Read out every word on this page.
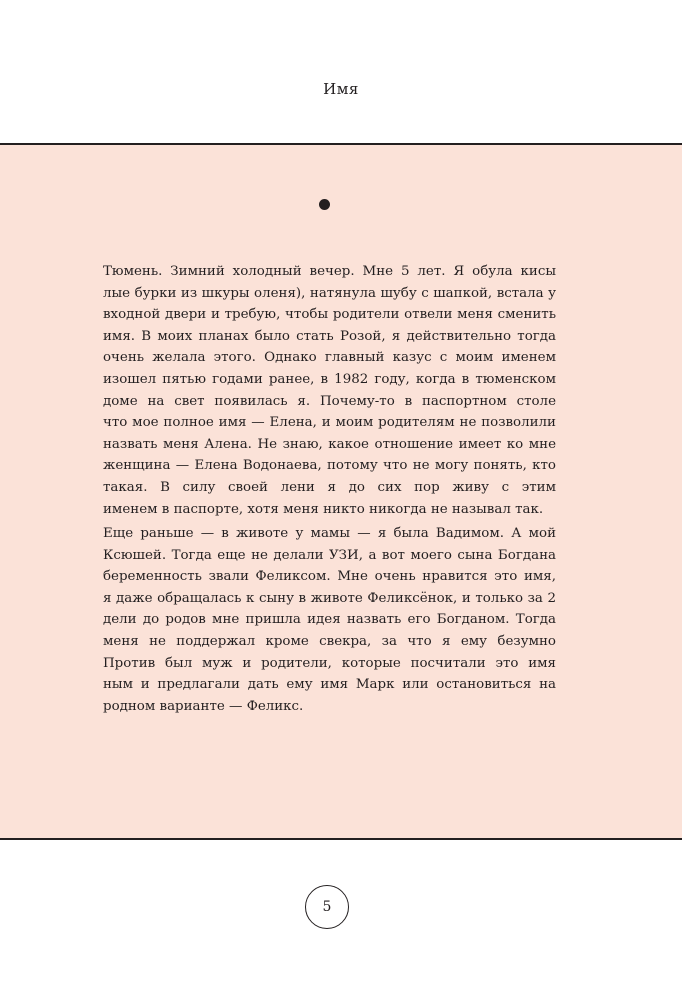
Имя
Тюмень. Зимний холодный вечер. Мне 5 лет. Я обула кисы
лые бурки из шкуры оленя), натянула шубу с шапкой, встала у
входной двери и требую, чтобы родители отвели меня сменить
имя. В моих планах было стать Розой, я действительно тогда
очень желала этого. Однако главный казус с моим именем
изошел пятью годами ранее, в 1982 году, когда в тюменском
доме на свет появилась я. Почему-то в паспортном столе
что мое полное имя — Елена, и моим родителям не позволили
назвать меня Алена. Не знаю, какое отношение имеет ко мне
женщина — Елена Водонаева, потому что не могу понять, кто
такая. В силу своей лени я до сих пор живу с этим
именем в паспорте, хотя меня никто никогда не называл так.
Еще раньше — в животе у мамы — я была Вадимом. А мой
Ксюшей. Тогда еще не делали УЗИ, а вот моего сына Богдана
беременность звали Феликсом. Мне очень нравится это имя,
я даже обращалась к сыну в животе Феликсёнок, и только за 2
дели до родов мне пришла идея назвать его Богданом. Тогда
меня не поддержал кроме свекра, за что я ему безумно
Против был муж и родители, которые посчитали это имя
ным и предлагали дать ему имя Марк или остановиться на
родном варианте — Феликс.
5
